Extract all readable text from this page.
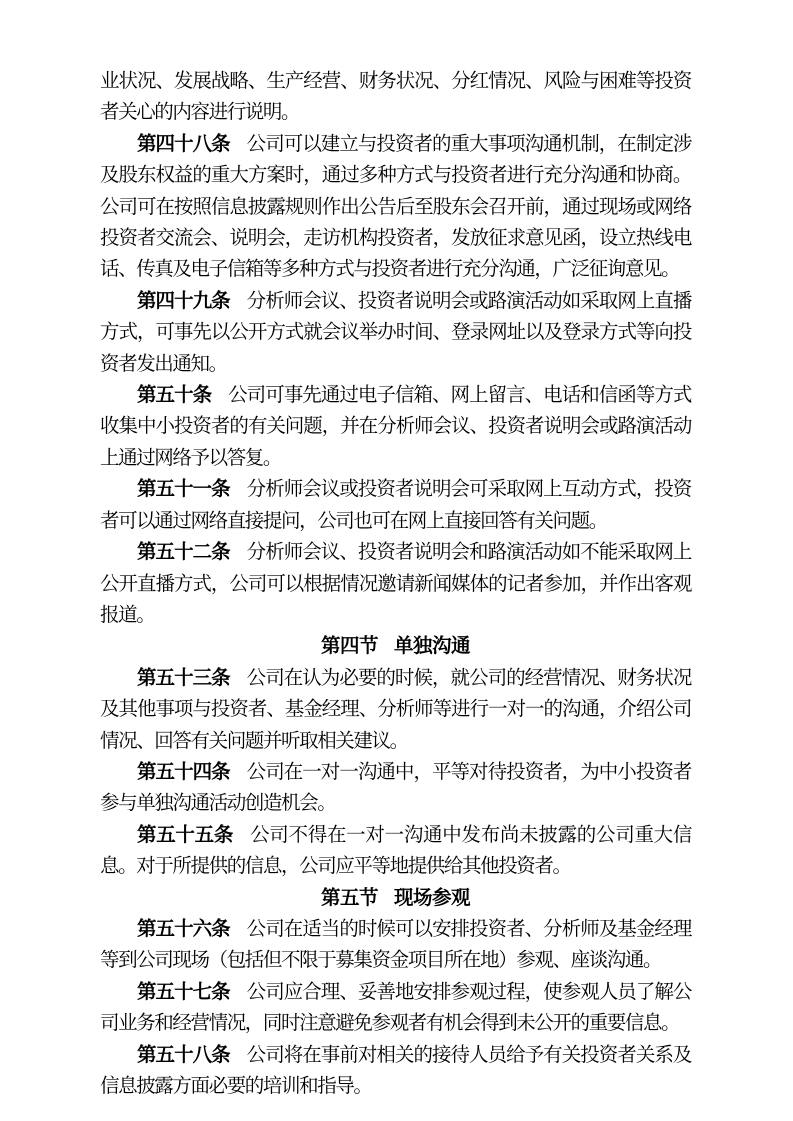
业状况、发展战略、生产经营、财务状况、分红情况、风险与困难等投资者关心的内容进行说明。

第四十八条 公司可以建立与投资者的重大事项沟通机制，在制定涉及股东权益的重大方案时，通过多种方式与投资者进行充分沟通和协商。公司可在按照信息披露规则作出公告后至股东会召开前，通过现场或网络投资者交流会、说明会，走访机构投资者，发放征求意见函，设立热线电话、传真及电子信箱等多种方式与投资者进行充分沟通，广泛征询意见。

第四十九条 分析师会议、投资者说明会或路演活动如采取网上直播方式，可事先以公开方式就会议举办时间、登录网址以及登录方式等向投资者发出通知。

第五十条 公司可事先通过电子信箱、网上留言、电话和信函等方式收集中小投资者的有关问题，并在分析师会议、投资者说明会或路演活动上通过网络予以答复。

第五十一条 分析师会议或投资者说明会可采取网上互动方式，投资者可以通过网络直接提问，公司也可在网上直接回答有关问题。

第五十二条 分析师会议、投资者说明会和路演活动如不能采取网上公开直播方式，公司可以根据情况邀请新闻媒体的记者参加，并作出客观报道。

第四节 单独沟通

第五十三条 公司在认为必要的时候，就公司的经营情况、财务状况及其他事项与投资者、基金经理、分析师等进行一对一的沟通，介绍公司情况、回答有关问题并听取相关建议。

第五十四条 公司在一对一沟通中，平等对待投资者，为中小投资者参与单独沟通活动创造机会。

第五十五条 公司不得在一对一沟通中发布尚未披露的公司重大信息。对于所提供的信息，公司应平等地提供给其他投资者。

第五节 现场参观

第五十六条 公司在适当的时候可以安排投资者、分析师及基金经理等到公司现场（包括但不限于募集资金项目所在地）参观、座谈沟通。

第五十七条 公司应合理、妥善地安排参观过程，使参观人员了解公司业务和经营情况，同时注意避免参观者有机会得到未公开的重要信息。

第五十八条 公司将在事前对相关的接待人员给予有关投资者关系及信息披露方面必要的培训和指导。
